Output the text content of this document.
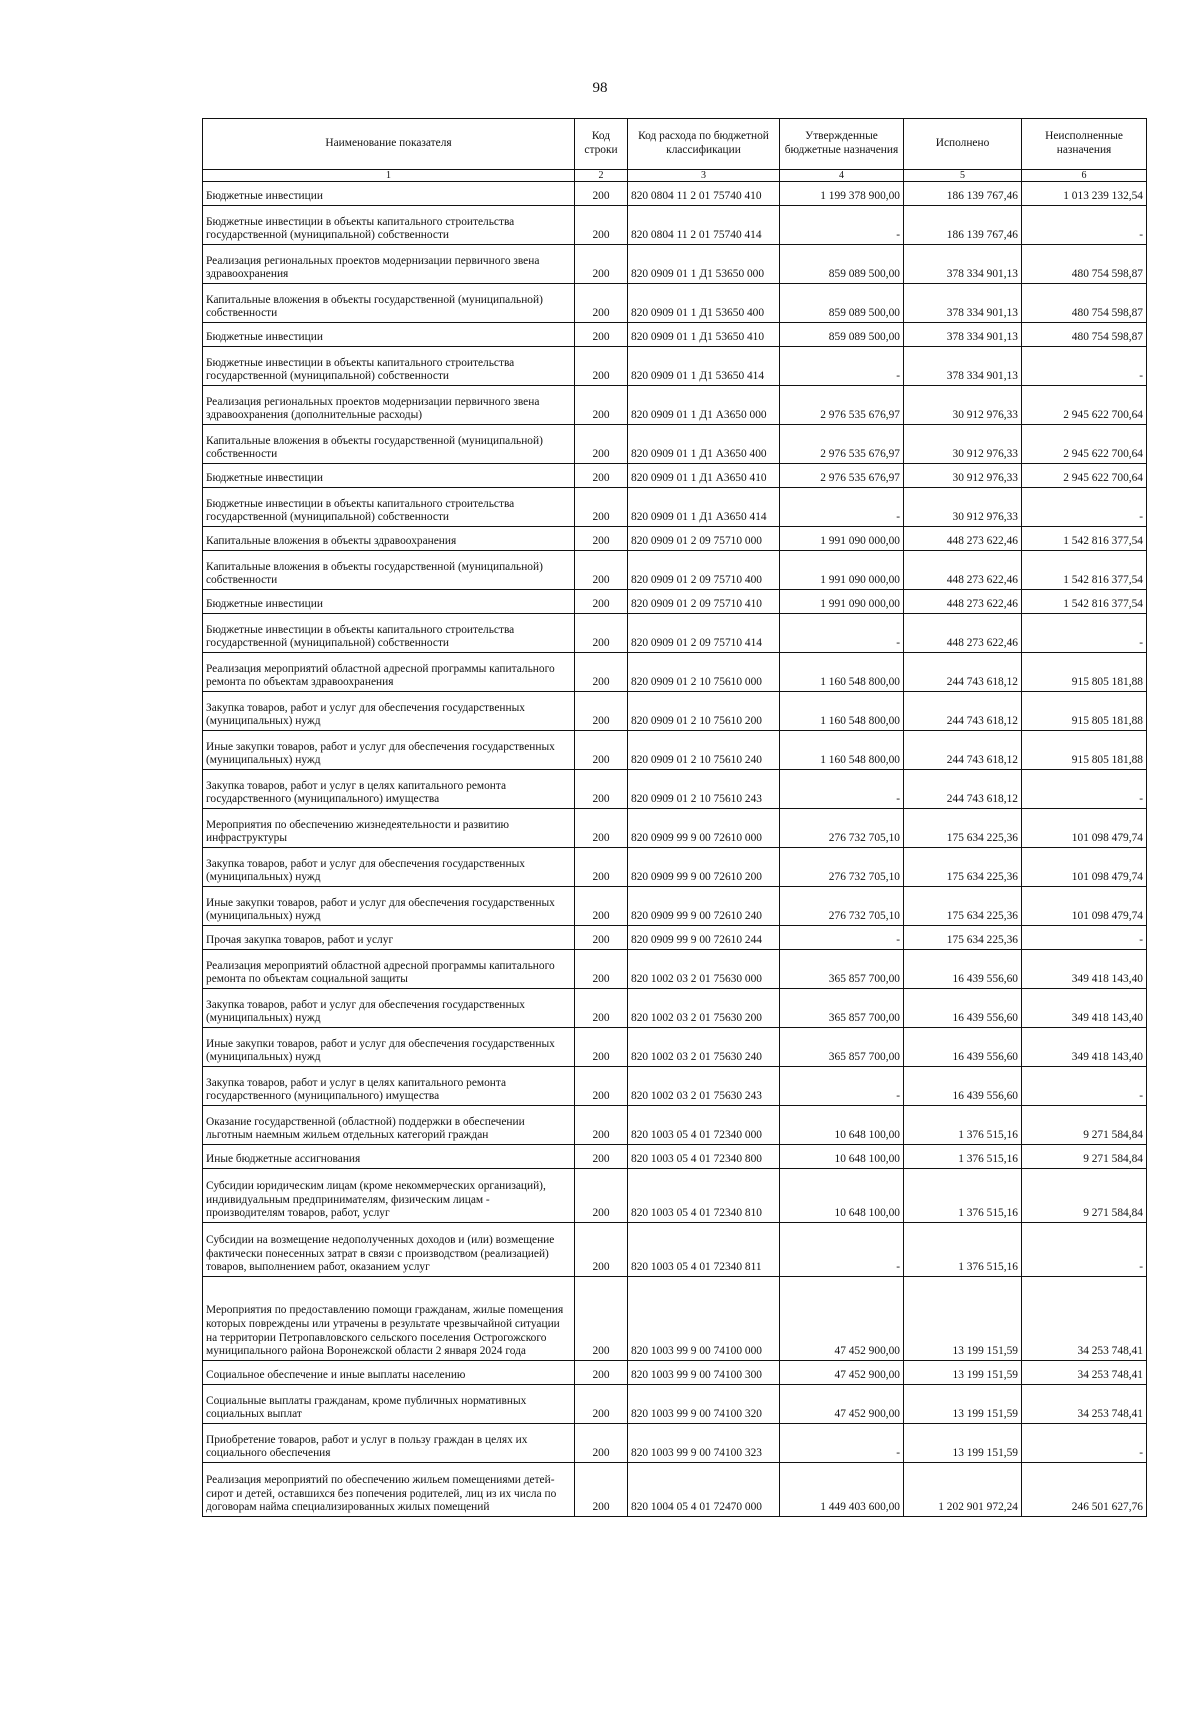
98
Наименование показателя	Код строки	Код расхода по бюджетной классификации	Утвержденные бюджетные назначения	Исполнено	Неисполненные назначения
1	2	3	4	5	6
Бюджетные инвестиции	200	820 0804 11 2 01 75740 410	1 199 378 900,00	186 139 767,46	1 013 239 132,54
Бюджетные инвестиции в объекты капитального строительства государственной (муниципальной) собственности	200	820 0804 11 2 01 75740 414	-	186 139 767,46	-
Реализация региональных проектов модернизации первичного звена здравоохранения	200	820 0909 01 1 Д1 53650 000	859 089 500,00	378 334 901,13	480 754 598,87
Капитальные вложения в объекты государственной (муниципальной) собственности	200	820 0909 01 1 Д1 53650 400	859 089 500,00	378 334 901,13	480 754 598,87
Бюджетные инвестиции	200	820 0909 01 1 Д1 53650 410	859 089 500,00	378 334 901,13	480 754 598,87
Бюджетные инвестиции в объекты капитального строительства государственной (муниципальной) собственности	200	820 0909 01 1 Д1 53650 414	-	378 334 901,13	-
Реализация региональных проектов модернизации первичного звена здравоохранения (дополнительные расходы)	200	820 0909 01 1 Д1 А3650 000	2 976 535 676,97	30 912 976,33	2 945 622 700,64
Капитальные вложения в объекты государственной (муниципальной) собственности	200	820 0909 01 1 Д1 А3650 400	2 976 535 676,97	30 912 976,33	2 945 622 700,64
Бюджетные инвестиции	200	820 0909 01 1 Д1 А3650 410	2 976 535 676,97	30 912 976,33	2 945 622 700,64
Бюджетные инвестиции в объекты капитального строительства государственной (муниципальной) собственности	200	820 0909 01 1 Д1 А3650 414	-	30 912 976,33	-
Капитальные вложения в объекты здравоохранения	200	820 0909 01 2 09 75710 000	1 991 090 000,00	448 273 622,46	1 542 816 377,54
Капитальные вложения в объекты государственной (муниципальной) собственности	200	820 0909 01 2 09 75710 400	1 991 090 000,00	448 273 622,46	1 542 816 377,54
Бюджетные инвестиции	200	820 0909 01 2 09 75710 410	1 991 090 000,00	448 273 622,46	1 542 816 377,54
Бюджетные инвестиции в объекты капитального строительства государственной (муниципальной) собственности	200	820 0909 01 2 09 75710 414	-	448 273 622,46	-
Реализация мероприятий областной адресной программы капитального ремонта по объектам здравоохранения	200	820 0909 01 2 10 75610 000	1 160 548 800,00	244 743 618,12	915 805 181,88
Закупка товаров, работ и услуг для обеспечения государственных (муниципальных) нужд	200	820 0909 01 2 10 75610 200	1 160 548 800,00	244 743 618,12	915 805 181,88
Иные закупки товаров, работ и услуг для обеспечения государственных (муниципальных) нужд	200	820 0909 01 2 10 75610 240	1 160 548 800,00	244 743 618,12	915 805 181,88
Закупка товаров, работ и услуг в целях капитального ремонта государственного (муниципального) имущества	200	820 0909 01 2 10 75610 243	-	244 743 618,12	-
Мероприятия по обеспечению жизнедеятельности и развитию инфраструктуры	200	820 0909 99 9 00 72610 000	276 732 705,10	175 634 225,36	101 098 479,74
Закупка товаров, работ и услуг для обеспечения государственных (муниципальных) нужд	200	820 0909 99 9 00 72610 200	276 732 705,10	175 634 225,36	101 098 479,74
Иные закупки товаров, работ и услуг для обеспечения государственных (муниципальных) нужд	200	820 0909 99 9 00 72610 240	276 732 705,10	175 634 225,36	101 098 479,74
Прочая закупка товаров, работ и услуг	200	820 0909 99 9 00 72610 244	-	175 634 225,36	-
Реализация мероприятий областной адресной программы капитального ремонта по объектам социальной защиты	200	820 1002 03 2 01 75630 000	365 857 700,00	16 439 556,60	349 418 143,40
Закупка товаров, работ и услуг для обеспечения государственных (муниципальных) нужд	200	820 1002 03 2 01 75630 200	365 857 700,00	16 439 556,60	349 418 143,40
Иные закупки товаров, работ и услуг для обеспечения государственных (муниципальных) нужд	200	820 1002 03 2 01 75630 240	365 857 700,00	16 439 556,60	349 418 143,40
Закупка товаров, работ и услуг в целях капитального ремонта государственного (муниципального) имущества	200	820 1002 03 2 01 75630 243	-	16 439 556,60	-
Оказание государственной (областной) поддержки в обеспечении льготным наемным жильем отдельных категорий граждан	200	820 1003 05 4 01 72340 000	10 648 100,00	1 376 515,16	9 271 584,84
Иные бюджетные ассигнования	200	820 1003 05 4 01 72340 800	10 648 100,00	1 376 515,16	9 271 584,84
Субсидии юридическим лицам (кроме некоммерческих организаций), индивидуальным предпринимателям, физическим лицам - производителям товаров, работ, услуг	200	820 1003 05 4 01 72340 810	10 648 100,00	1 376 515,16	9 271 584,84
Субсидии на возмещение недополученных доходов и (или) возмещение фактически понесенных затрат в связи с производством (реализацией) товаров, выполнением работ, оказанием услуг	200	820 1003 05 4 01 72340 811	-	1 376 515,16	-
Мероприятия по предоставлению помощи гражданам, жилые помещения которых повреждены или утрачены в результате чрезвычайной ситуации на территории Петропавловского сельского поселения Острогожского муниципального района Воронежской области 2 января 2024 года	200	820 1003 99 9 00 74100 000	47 452 900,00	13 199 151,59	34 253 748,41
Социальное обеспечение и иные выплаты населению	200	820 1003 99 9 00 74100 300	47 452 900,00	13 199 151,59	34 253 748,41
Социальные выплаты гражданам, кроме публичных нормативных социальных выплат	200	820 1003 99 9 00 74100 320	47 452 900,00	13 199 151,59	34 253 748,41
Приобретение товаров, работ и услуг в пользу граждан в целях их социального обеспечения	200	820 1003 99 9 00 74100 323	-	13 199 151,59	-
Реализация мероприятий по обеспечению жильем помещениями детей-сирот и детей, оставшихся без попечения родителей, лиц из их числа по договорам найма специализированных жилых помещений	200	820 1004 05 4 01 72470 000	1 449 403 600,00	1 202 901 972,24	246 501 627,76
